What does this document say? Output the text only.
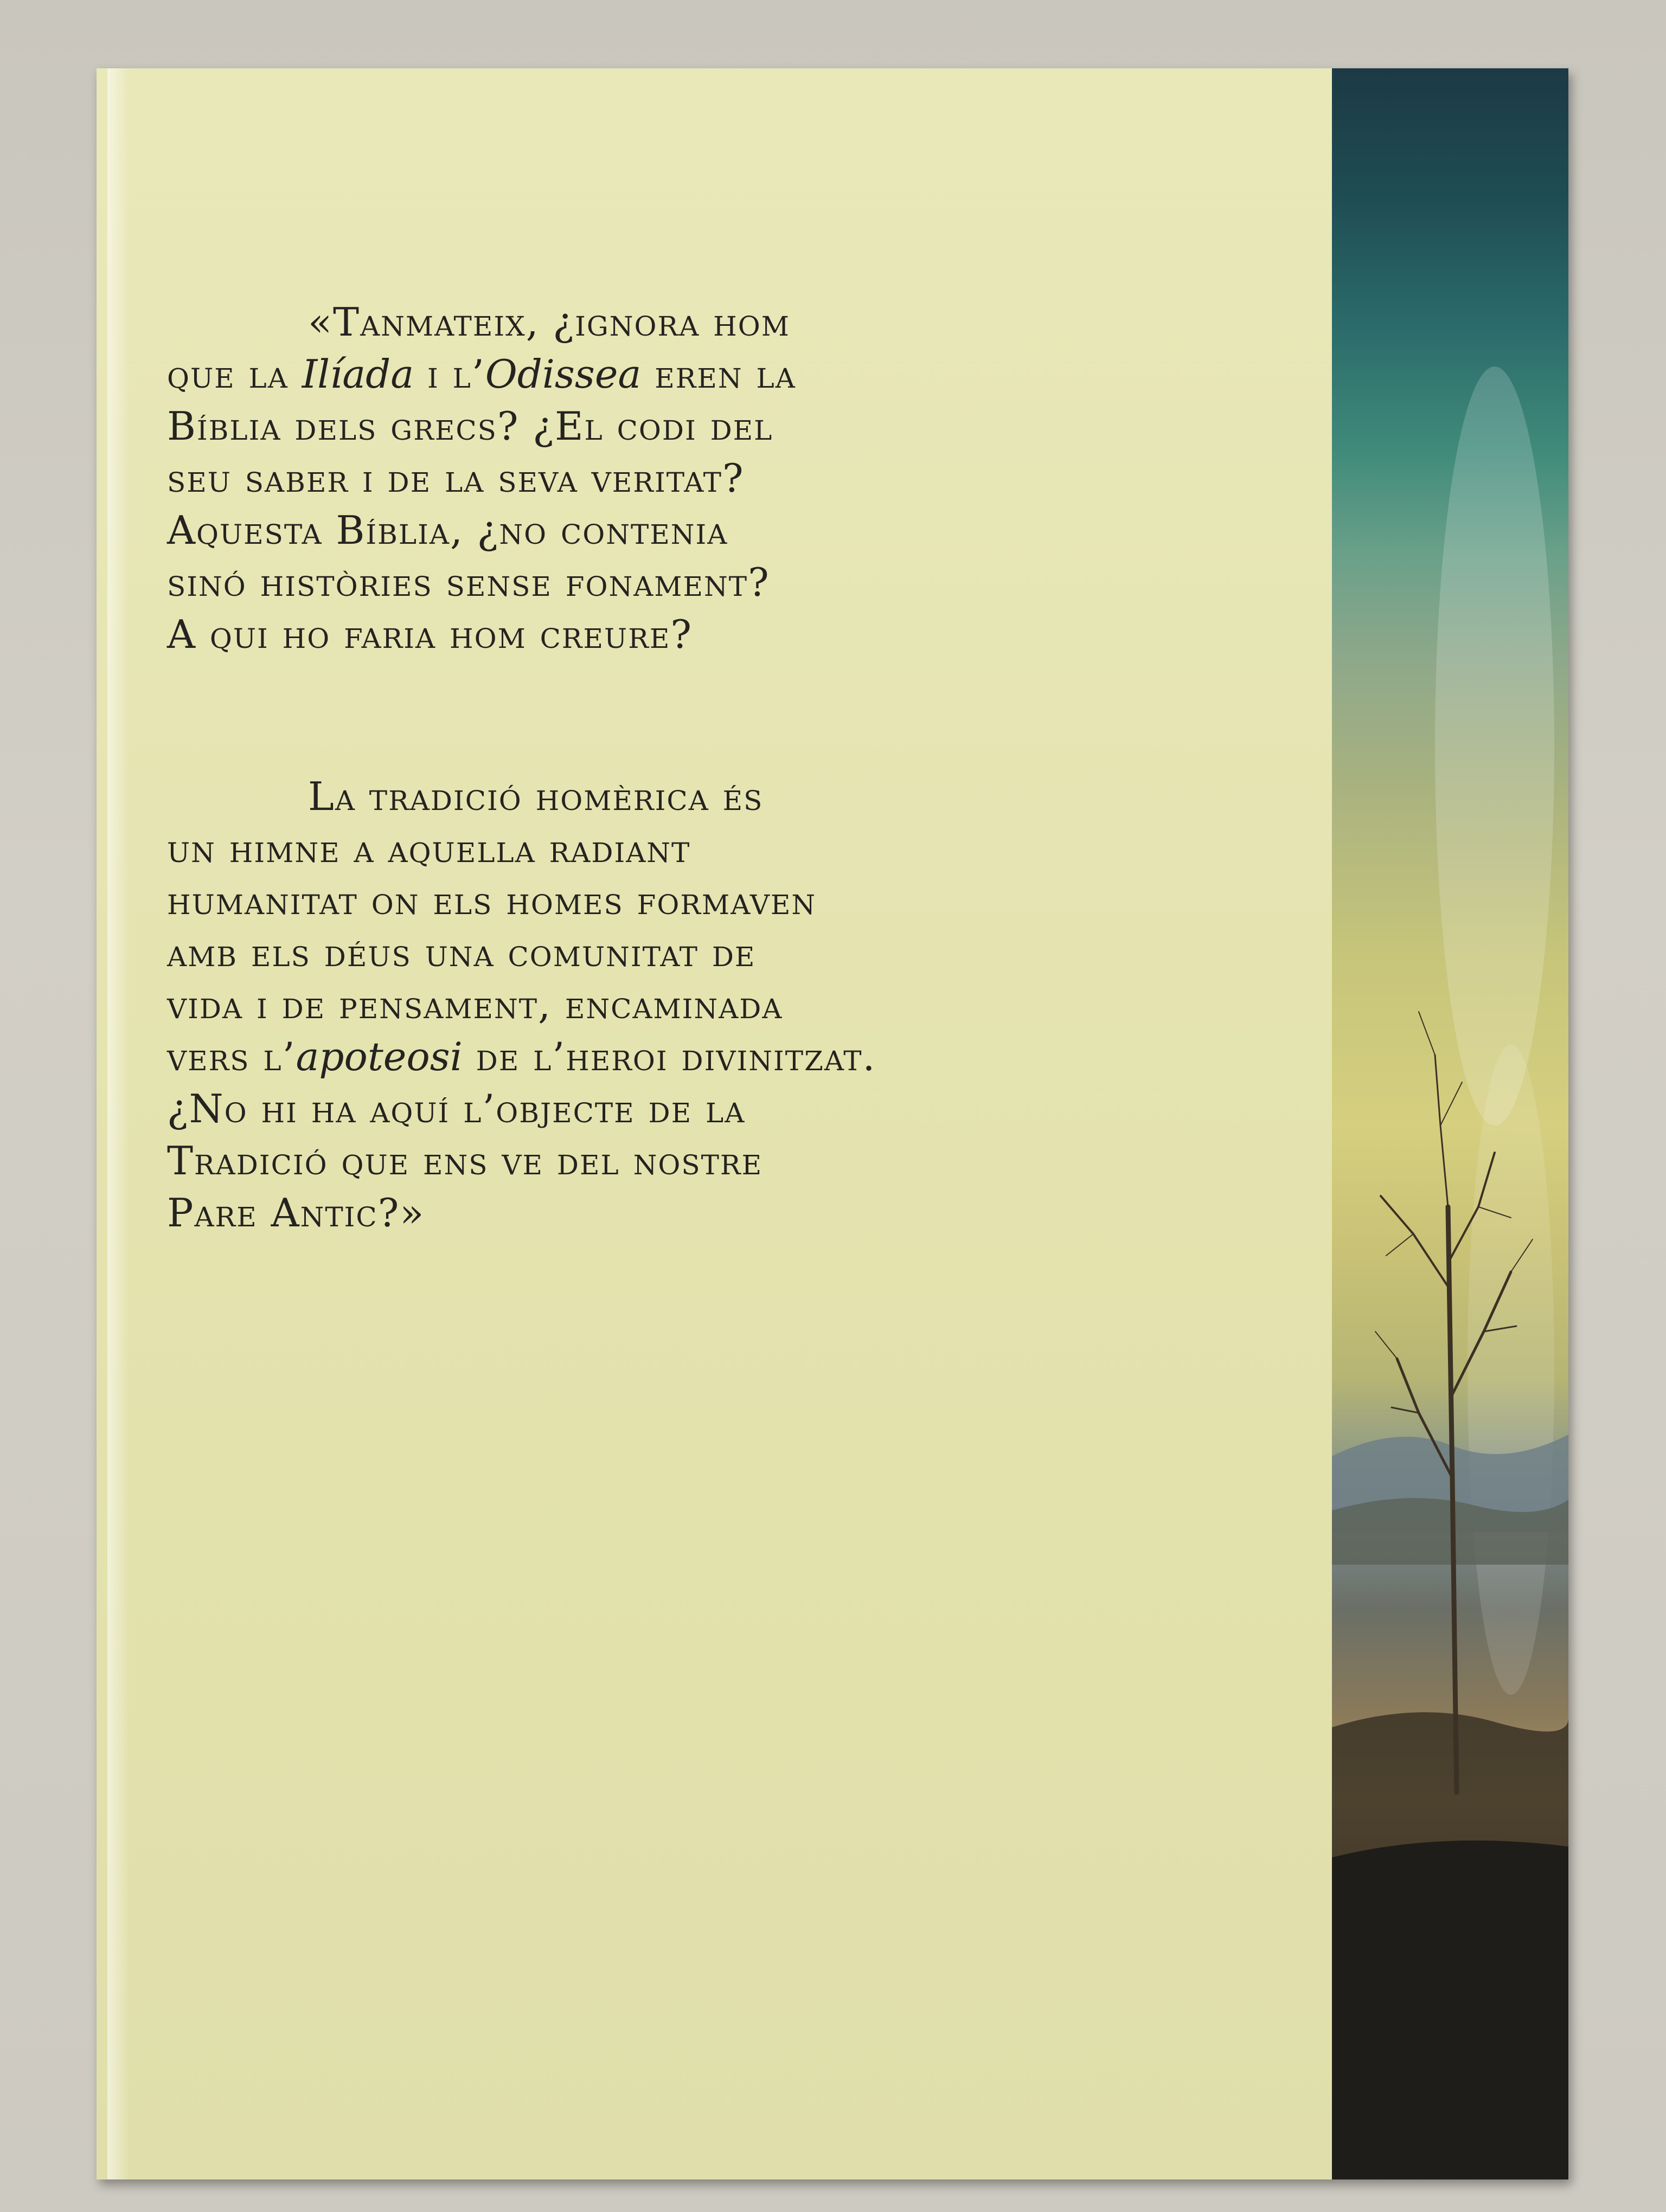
«Tanmateix, ¿ignora hom
que la Ilíada i l’Odissea eren la
Bíblia dels grecs? ¿El codi del
seu saber i de la seva veritat?
Aquesta Bíblia, ¿no contenia
sinó històries sense fonament?
A qui ho faria hom creure?

La tradició homèrica és
un himne a aquella radiant
humanitat on els homes formaven
amb els déus una comunitat de
vida i de pensament, encaminada
vers l’apoteosi de l’heroi divinitzat.
¿No hi ha aquí l’objecte de la
Tradició que ens ve del nostre
Pare Antic?»
